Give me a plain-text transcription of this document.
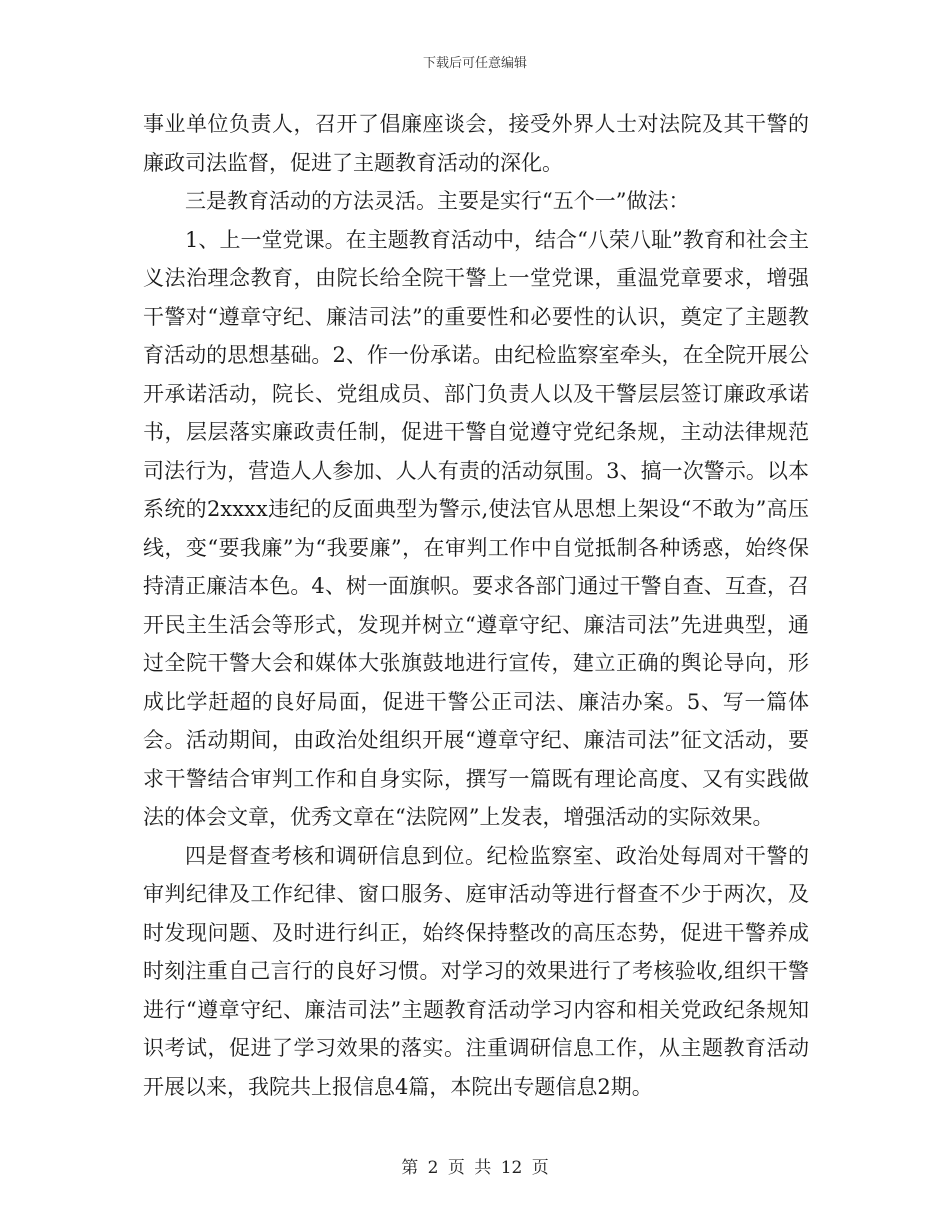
下载后可任意编辑

事业单位负责人，召开了倡廉座谈会，接受外界人士对法院及其干警的廉政司法监督，促进了主题教育活动的深化。

三是教育活动的方法灵活。主要是实行“五个一”做法：

1、上一堂党课。在主题教育活动中，结合“八荣八耻”教育和社会主义法治理念教育，由院长给全院干警上一堂党课，重温党章要求，增强干警对“遵章守纪、廉洁司法”的重要性和必要性的认识，奠定了主题教育活动的思想基础。2、作一份承诺。由纪检监察室牵头，在全院开展公开承诺活动，院长、党组成员、部门负责人以及干警层层签订廉政承诺书，层层落实廉政责任制，促进干警自觉遵守党纪条规，主动法律规范司法行为，营造人人参加、人人有责的活动氛围。3、搞一次警示。以本系统的2xxxx违纪的反面典型为警示,使法官从思想上架设“不敢为”高压线，变“要我廉”为“我要廉”，在审判工作中自觉抵制各种诱惑，始终保持清正廉洁本色。4、树一面旗帜。要求各部门通过干警自查、互查，召开民主生活会等形式，发现并树立“遵章守纪、廉洁司法”先进典型，通过全院干警大会和媒体大张旗鼓地进行宣传，建立正确的舆论导向，形成比学赶超的良好局面，促进干警公正司法、廉洁办案。5、写一篇体会。活动期间，由政治处组织开展“遵章守纪、廉洁司法”征文活动，要求干警结合审判工作和自身实际，撰写一篇既有理论高度、又有实践做法的体会文章，优秀文章在“法院网”上发表，增强活动的实际效果。

四是督查考核和调研信息到位。纪检监察室、政治处每周对干警的审判纪律及工作纪律、窗口服务、庭审活动等进行督查不少于两次，及时发现问题、及时进行纠正，始终保持整改的高压态势，促进干警养成时刻注重自己言行的良好习惯。对学习的效果进行了考核验收,组织干警进行“遵章守纪、廉洁司法”主题教育活动学习内容和相关党政纪条规知识考试，促进了学习效果的落实。注重调研信息工作，从主题教育活动开展以来，我院共上报信息4篇，本院出专题信息2期。

第 2 页 共 12 页
